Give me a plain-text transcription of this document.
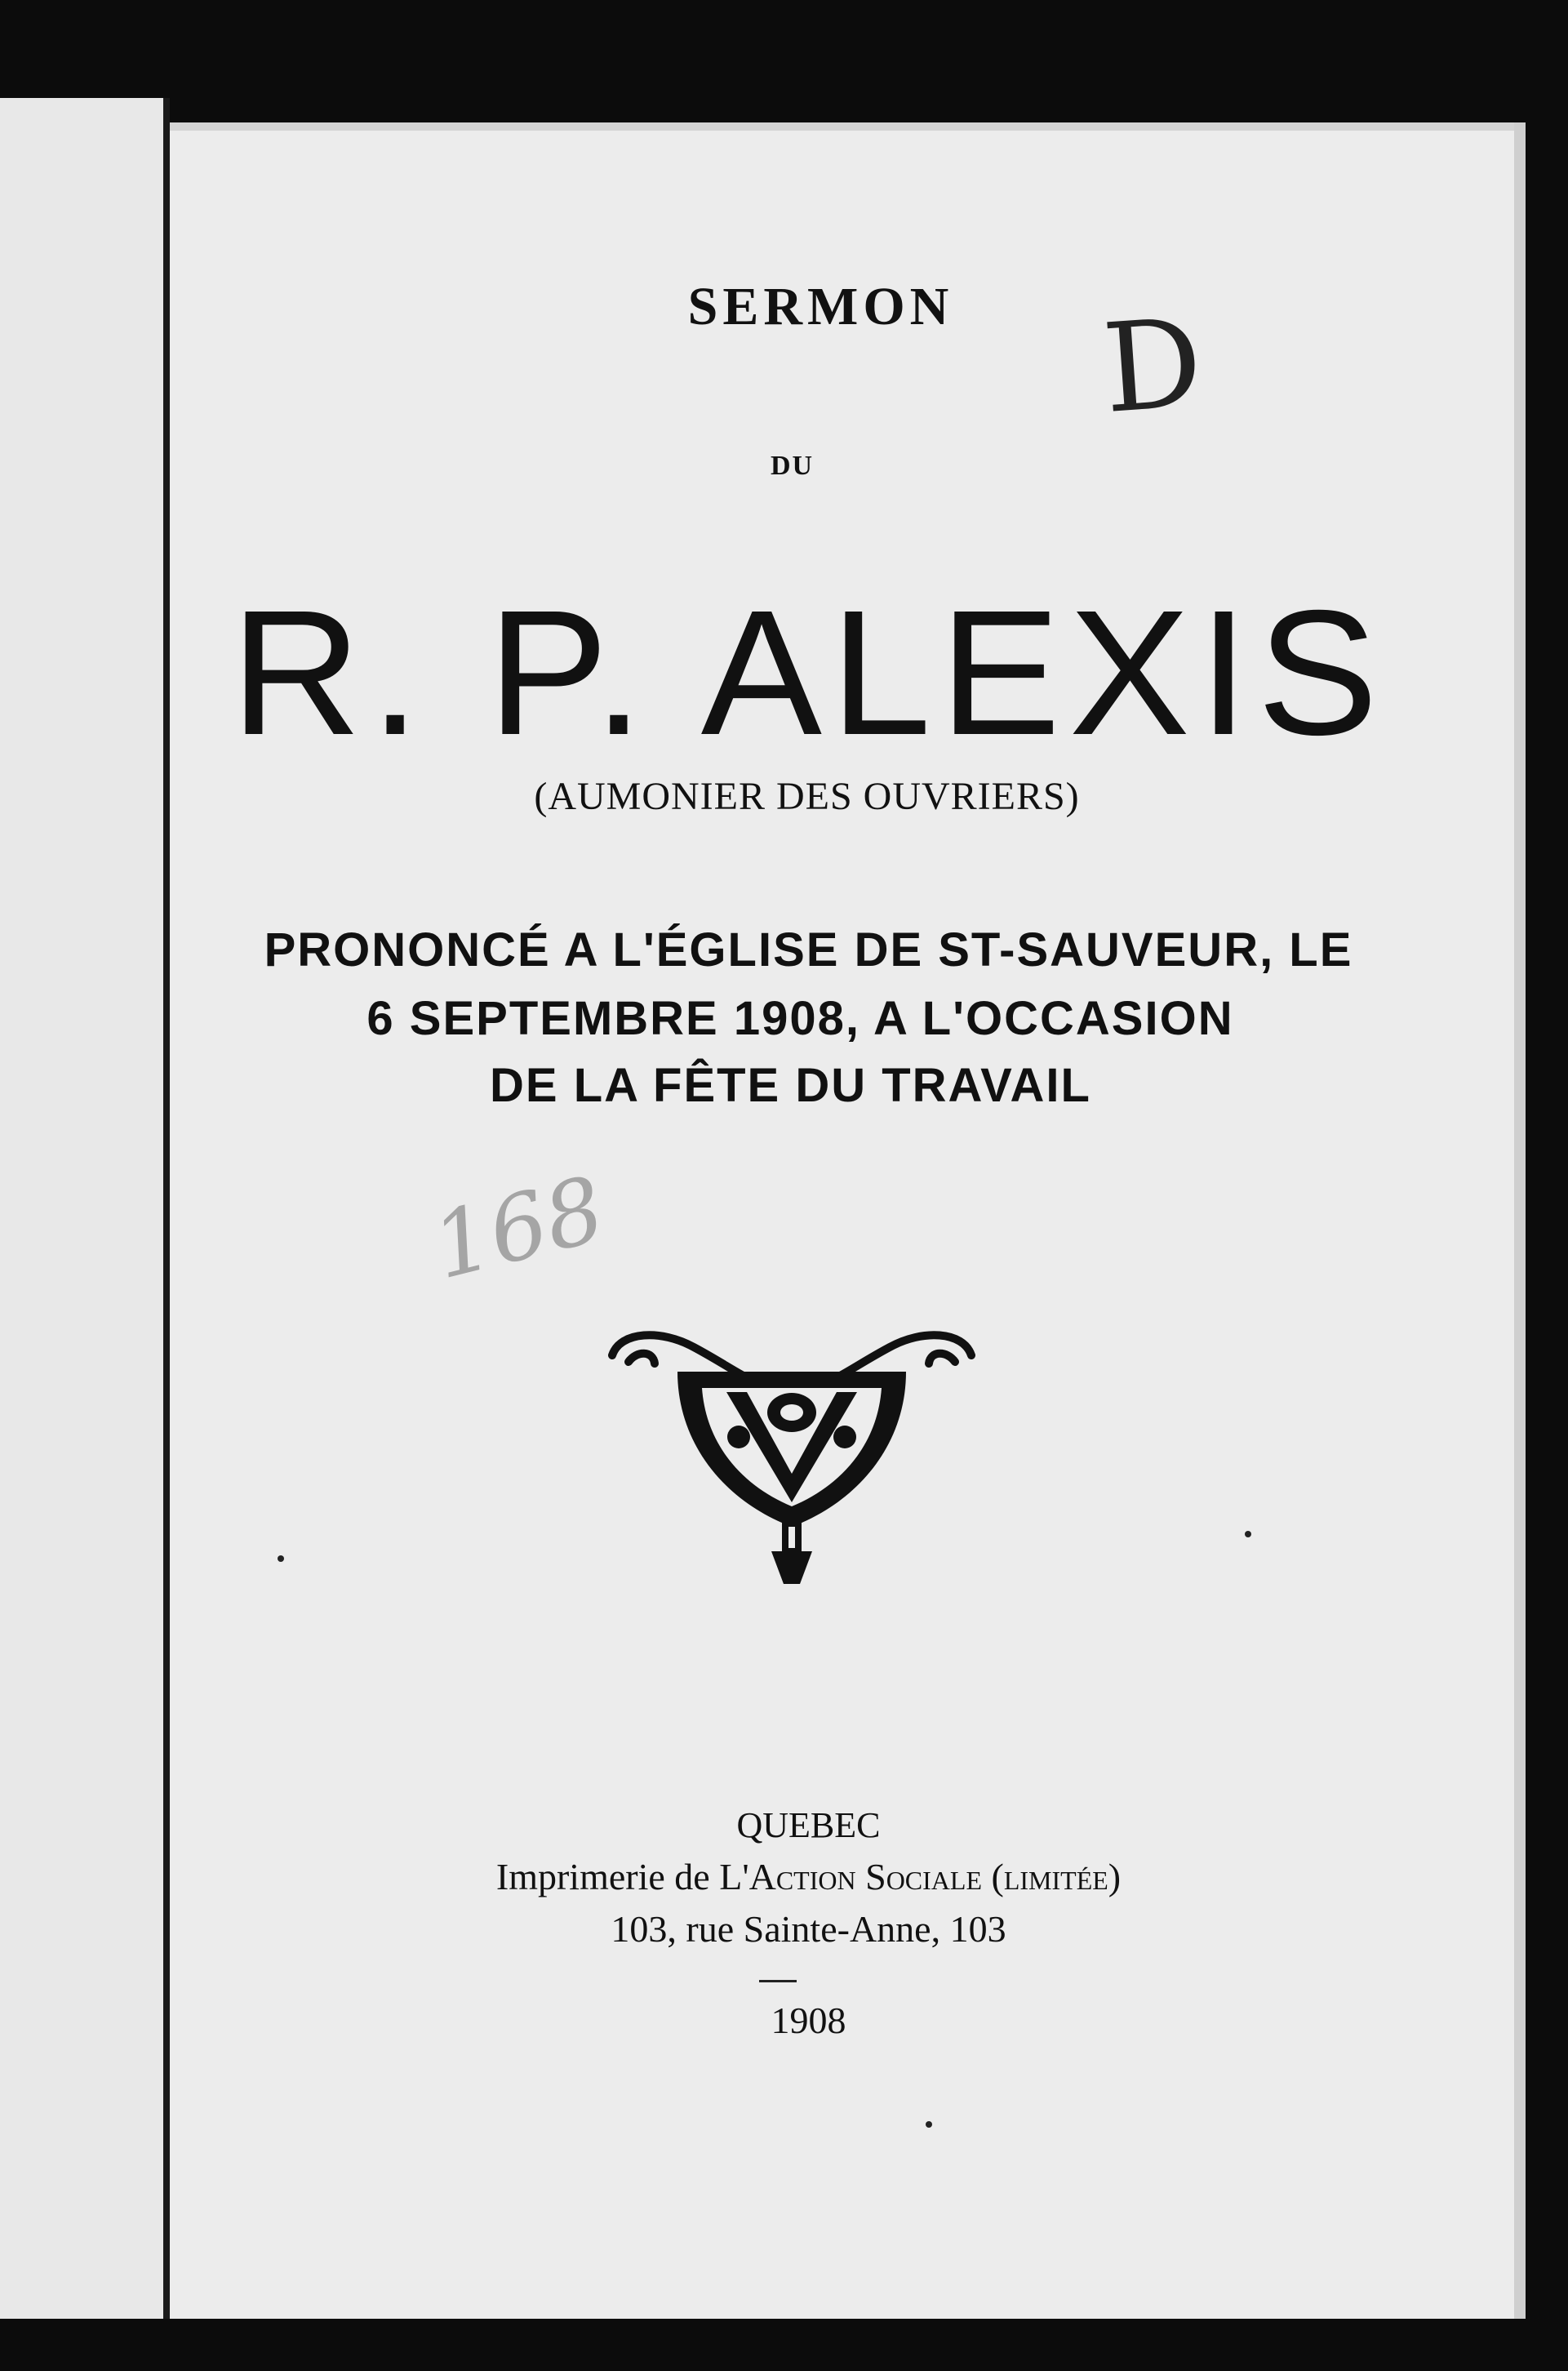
SERMON
DU
R. P. ALEXIS
(AUMONIER DES OUVRIERS)
PRONONCÉ A L'ÉGLISE DE ST-SAUVEUR, LE
6 SEPTEMBRE 1908, A L'OCCASION
DE LA FÊTE DU TRAVAIL
D
168
QUEBEC
Imprimerie de L'Action Sociale (limitée)
103, rue Sainte-Anne, 103
1908
